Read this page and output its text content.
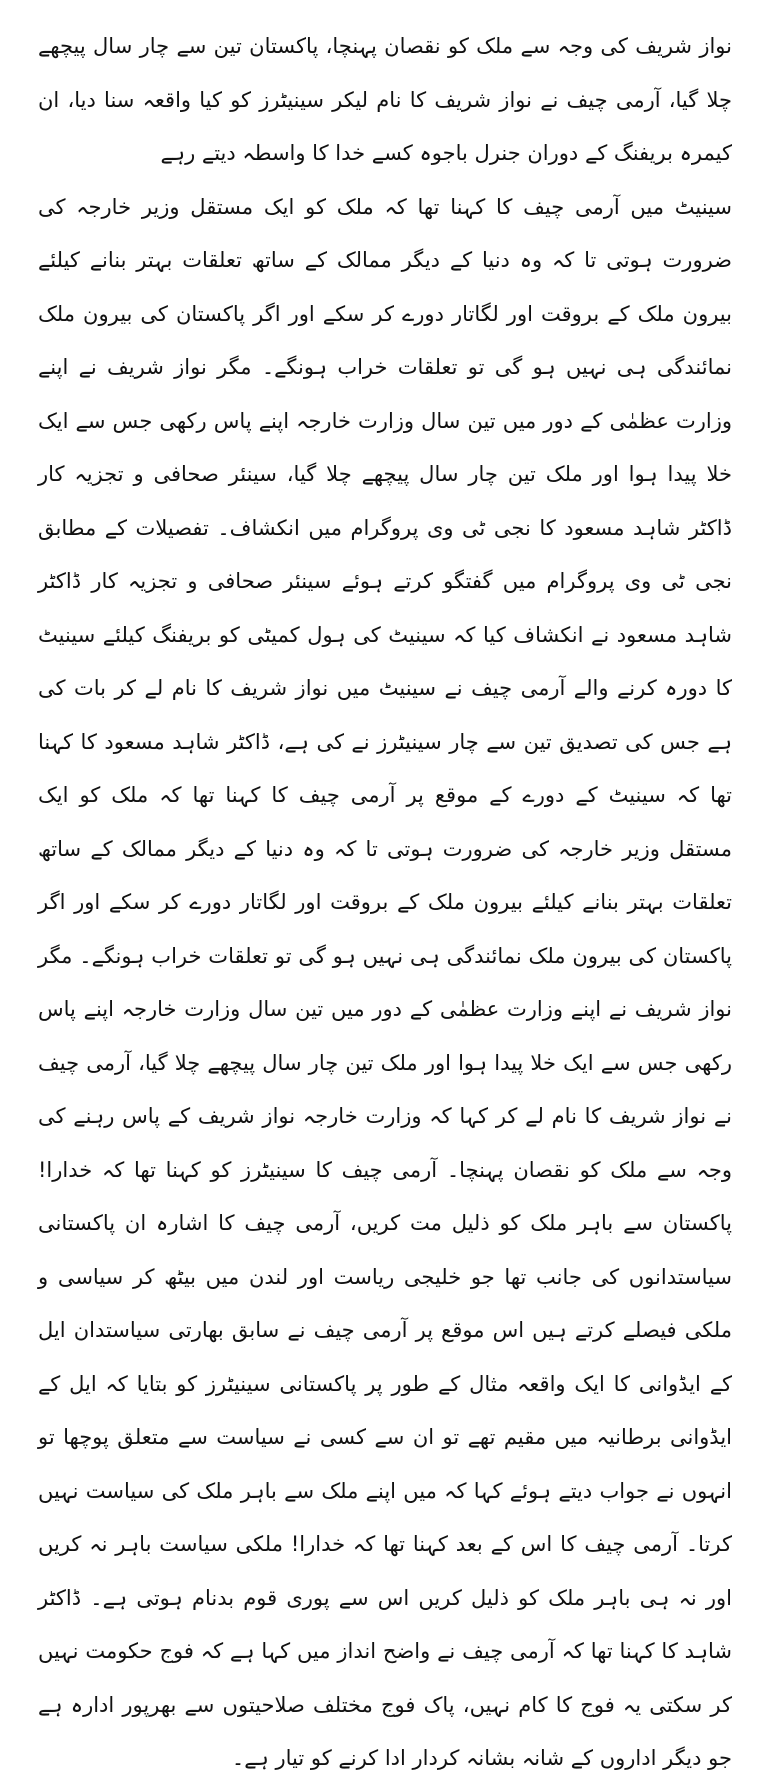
نواز شریف کی وجہ سے ملک کو نقصان پہنچا، پاکستان تین سے چار سال پیچھے چلا گیا، آرمی چیف نے نواز شریف کا نام لیکر سینیٹرز کو کیا واقعہ سنا دیا، ان کیمرہ بریفنگ کے دوران جنرل باجوہ کسے خدا کا واسطہ دیتے رہے

سینیٹ میں آرمی چیف کا کہنا تھا کہ ملک کو ایک مستقل وزیر خارجہ کی ضرورت ہوتی تا کہ وہ دنیا کے دیگر ممالک کے ساتھ تعلقات بہتر بنانے کیلئے بیرون ملک کے بروقت اور لگاتار دورے کر سکے اور اگر پاکستان کی بیرون ملک نمائندگی ہی نہیں ہو گی تو تعلقات خراب ہونگے۔ مگر نواز شریف نے اپنے وزارت عظمٰی کے دور میں تین سال وزارت خارجہ اپنے پاس رکھی جس سے ایک خلا پیدا ہوا اور ملک تین چار سال پیچھے چلا گیا، سینئر صحافی و تجزیہ کار ڈاکٹر شاہد مسعود کا نجی ٹی وی پروگرام میں انکشاف۔ تفصیلات کے مطابق نجی ٹی وی پروگرام میں گفتگو کرتے ہوئے سینئر صحافی و تجزیہ کار ڈاکٹر شاہد مسعود نے انکشاف کیا کہ سینیٹ کی ہول کمیٹی کو بریفنگ کیلئے سینیٹ کا دورہ کرنے والے آرمی چیف نے سینیٹ میں نواز شریف کا نام لے کر بات کی ہے جس کی تصدیق تین سے چار سینیٹرز نے کی ہے، ڈاکٹر شاہد مسعود کا کہنا تھا کہ سینیٹ کے دورے کے موقع پر آرمی چیف کا کہنا تھا کہ ملک کو ایک مستقل وزیر خارجہ کی ضرورت ہوتی تا کہ وہ دنیا کے دیگر ممالک کے ساتھ تعلقات بہتر بنانے کیلئے بیرون ملک کے بروقت اور لگاتار دورے کر سکے اور اگر پاکستان کی بیرون ملک نمائندگی ہی نہیں ہو گی تو تعلقات خراب ہونگے۔ مگر نواز شریف نے اپنے وزارت عظمٰی کے دور میں تین سال وزارت خارجہ اپنے پاس رکھی جس سے ایک خلا پیدا ہوا اور ملک تین چار سال پیچھے چلا گیا، آرمی چیف نے نواز شریف کا نام لے کر کہا کہ وزارت خارجہ نواز شریف کے پاس رہنے کی وجہ سے ملک کو نقصان پہنچا۔ آرمی چیف کا سینیٹرز کو کہنا تھا کہ خدارا! پاکستان سے باہر ملک کو ذلیل مت کریں، آرمی چیف کا اشارہ ان پاکستانی سیاستدانوں کی جانب تھا جو خلیجی ریاست اور لندن میں بیٹھ کر سیاسی و ملکی فیصلے کرتے ہیں اس موقع پر آرمی چیف نے سابق بھارتی سیاستدان ایل کے ایڈوانی کا ایک واقعہ مثال کے طور پر پاکستانی سینیٹرز کو بتایا کہ ایل کے ایڈوانی برطانیہ میں مقیم تھے تو ان سے کسی نے سیاست سے متعلق پوچھا تو انہوں نے جواب دیتے ہوئے کہا کہ میں اپنے ملک سے باہر ملک کی سیاست نہیں کرتا۔ آرمی چیف کا اس کے بعد کہنا تھا کہ خدارا! ملکی سیاست باہر نہ کریں اور نہ ہی باہر ملک کو ذلیل کریں اس سے پوری قوم بدنام ہوتی ہے۔ ڈاکٹر شاہد کا کہنا تھا کہ آرمی چیف نے واضح انداز میں کہا ہے کہ فوج حکومت نہیں کر سکتی یہ فوج کا کام نہیں، پاک فوج مختلف صلاحیتوں سے بھرپور ادارہ ہے جو دیگر اداروں کے شانہ بشانہ کردار ادا کرنے کو تیار ہے۔
